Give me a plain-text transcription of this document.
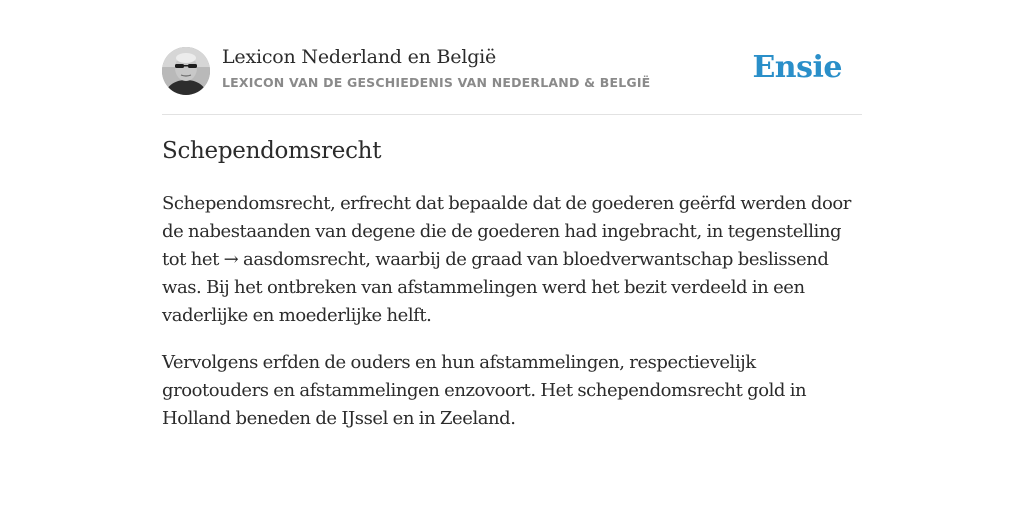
Lexicon Nederland en België
LEXICON VAN DE GESCHIEDENIS VAN NEDERLAND & BELGIË	Ensie
Schependomsrecht

Schependomsrecht, erfrecht dat bepaalde dat de goederen geërfd werden door de nabestaanden van degene die de goederen had ingebracht, in tegenstelling tot het → aasdomsrecht, waarbij de graad van bloedverwantschap beslissend was. Bij het ontbreken van afstammelingen werd het bezit verdeeld in een vaderlijke en moederlijke helft.

Vervolgens erfden de ouders en hun afstammelingen, respectievelijk grootouders en afstammelingen enzovoort. Het schependomsrecht gold in Holland beneden de IJssel en in Zeeland.
